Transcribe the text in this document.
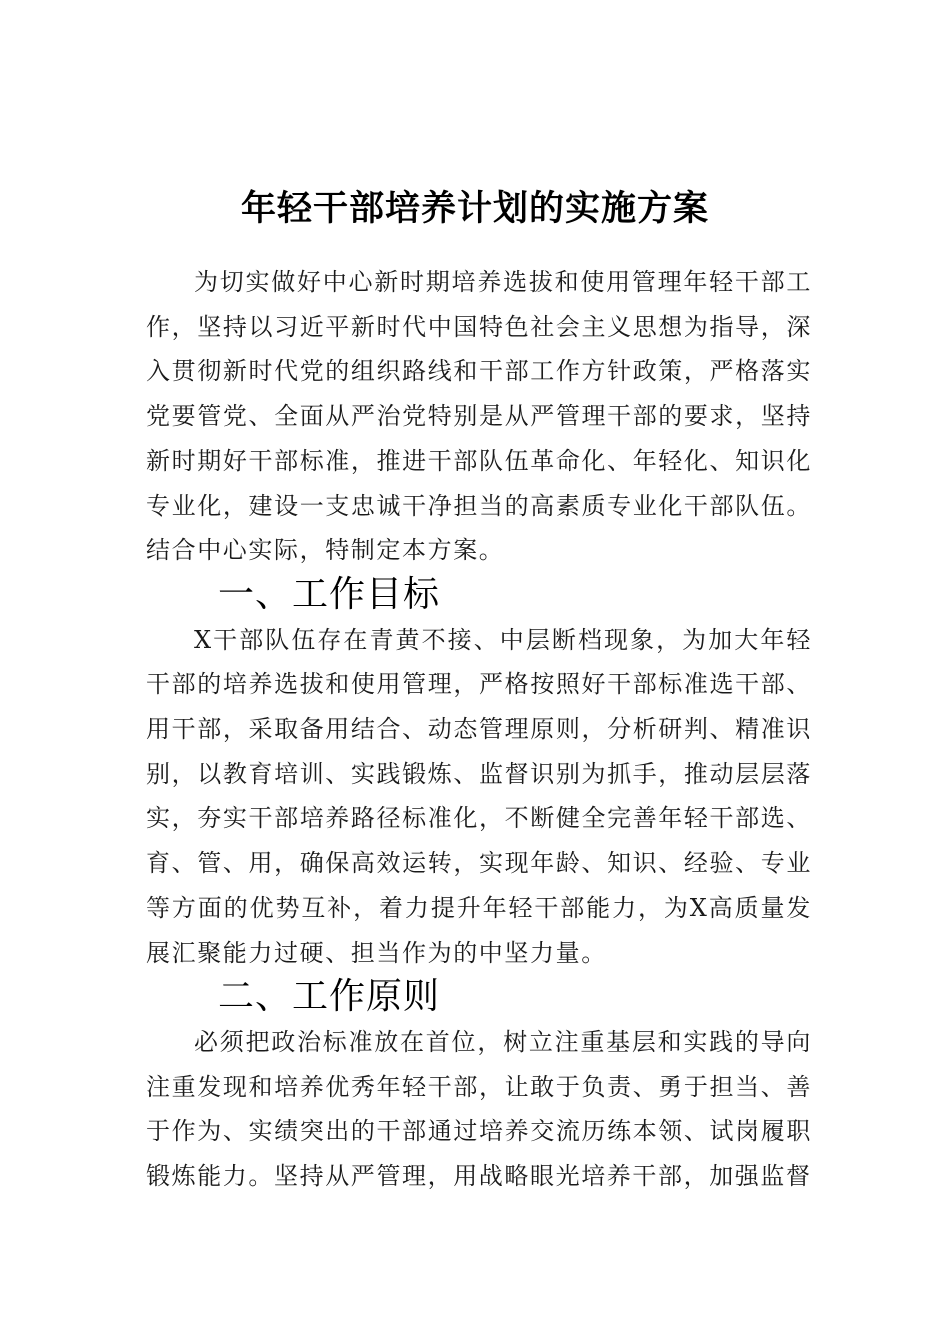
年轻干部培养计划的实施方案

为切实做好中心新时期培养选拔和使用管理年轻干部工作，坚持以习近平新时代中国特色社会主义思想为指导，深入贯彻新时代党的组织路线和干部工作方针政策，严格落实党要管党、全面从严治党特别是从严管理干部的要求，坚持新时期好干部标准，推进干部队伍革命化、年轻化、知识化专业化，建设一支忠诚干净担当的高素质专业化干部队伍。结合中心实际，特制定本方案。

一、工作目标

X干部队伍存在青黄不接、中层断档现象，为加大年轻干部的培养选拔和使用管理，严格按照好干部标准选干部、用干部，采取备用结合、动态管理原则，分析研判、精准识别，以教育培训、实践锻炼、监督识别为抓手，推动层层落实，夯实干部培养路径标准化，不断健全完善年轻干部选、育、管、用，确保高效运转，实现年龄、知识、经验、专业等方面的优势互补，着力提升年轻干部能力，为X高质量发展汇聚能力过硬、担当作为的中坚力量。

二、工作原则

必须把政治标准放在首位，树立注重基层和实践的导向注重发现和培养优秀年轻干部，让敢于负责、勇于担当、善于作为、实绩突出的干部通过培养交流历练本领、试岗履职锻炼能力。坚持从严管理，用战略眼光培养干部，加强监督
